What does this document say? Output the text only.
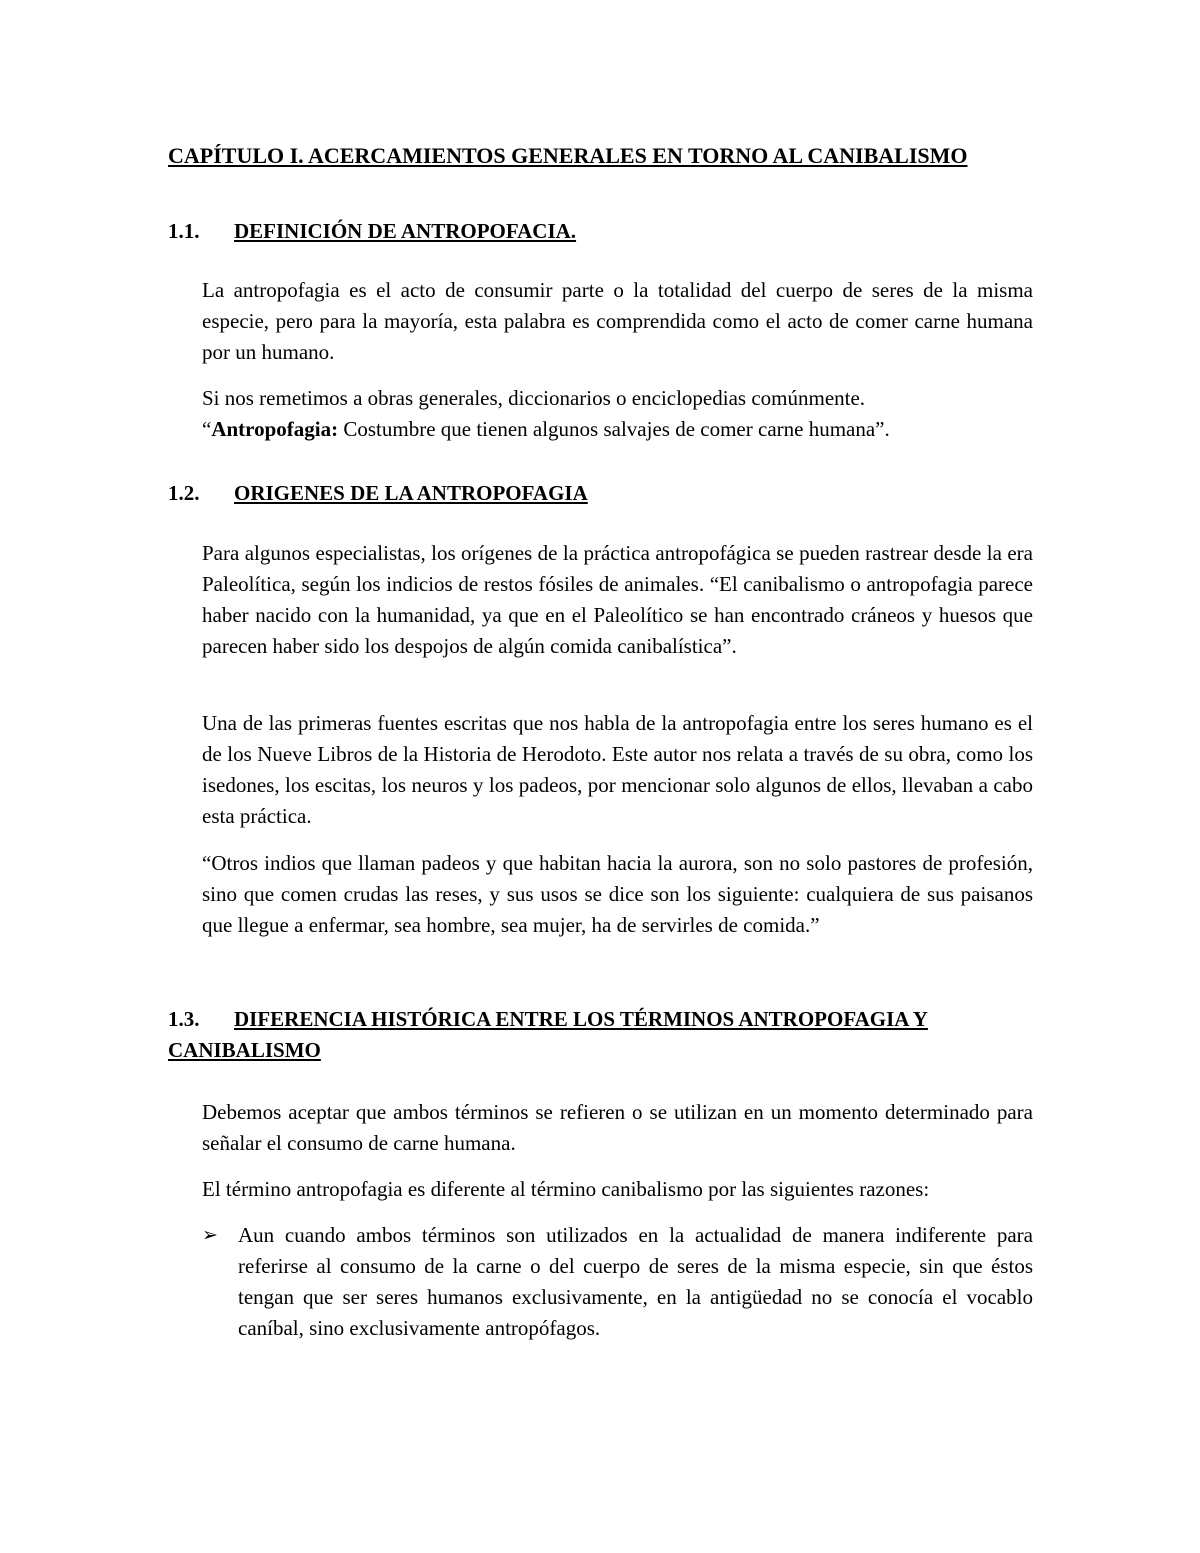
CAPÍTULO I. ACERCAMIENTOS GENERALES EN TORNO AL CANIBALISMO
1.1. DEFINICIÓN DE ANTROPOFACIA.

La antropofagia es el acto de consumir parte o la totalidad del cuerpo de seres de la misma especie, pero para la mayoría, esta palabra es comprendida como el acto de comer carne humana por un humano.

Si nos remetimos a obras generales, diccionarios o enciclopedias comúnmente.
“Antropofagia: Costumbre que tienen algunos salvajes de comer carne humana”.

1.2. ORIGENES DE LA ANTROPOFAGIA

Para algunos especialistas, los orígenes de la práctica antropofágica se pueden rastrear desde la era Paleolítica, según los indicios de restos fósiles de animales. “El canibalismo o antropofagia parece haber nacido con la humanidad, ya que en el Paleolítico se han encontrado cráneos y huesos que parecen haber sido los despojos de algún comida canibalística”.

Una de las primeras fuentes escritas que nos habla de la antropofagia entre los seres humano es el de los Nueve Libros de la Historia de Herodoto. Este autor nos relata a través de su obra, como los isedones, los escitas, los neuros y los padeos, por mencionar solo algunos de ellos, llevaban a cabo esta práctica.

“Otros indios que llaman padeos y que habitan hacia la aurora, son no solo pastores de profesión, sino que comen crudas las reses, y sus usos se dice son los siguiente: cualquiera de sus paisanos que llegue a enfermar, sea hombre, sea mujer, ha de servirles de comida.”

1.3. DIFERENCIA HISTÓRICA ENTRE LOS TÉRMINOS ANTROPOFAGIA Y CANIBALISMO

Debemos aceptar que ambos términos se refieren o se utilizan en un momento determinado para señalar el consumo de carne humana.

El término antropofagia es diferente al término canibalismo por las siguientes razones:

➢ Aun cuando ambos términos son utilizados en la actualidad de manera indiferente para referirse al consumo de la carne o del cuerpo de seres de la misma especie, sin que éstos tengan que ser seres humanos exclusivamente, en la antigüedad no se conocía el vocablo caníbal, sino exclusivamente antropófagos.
